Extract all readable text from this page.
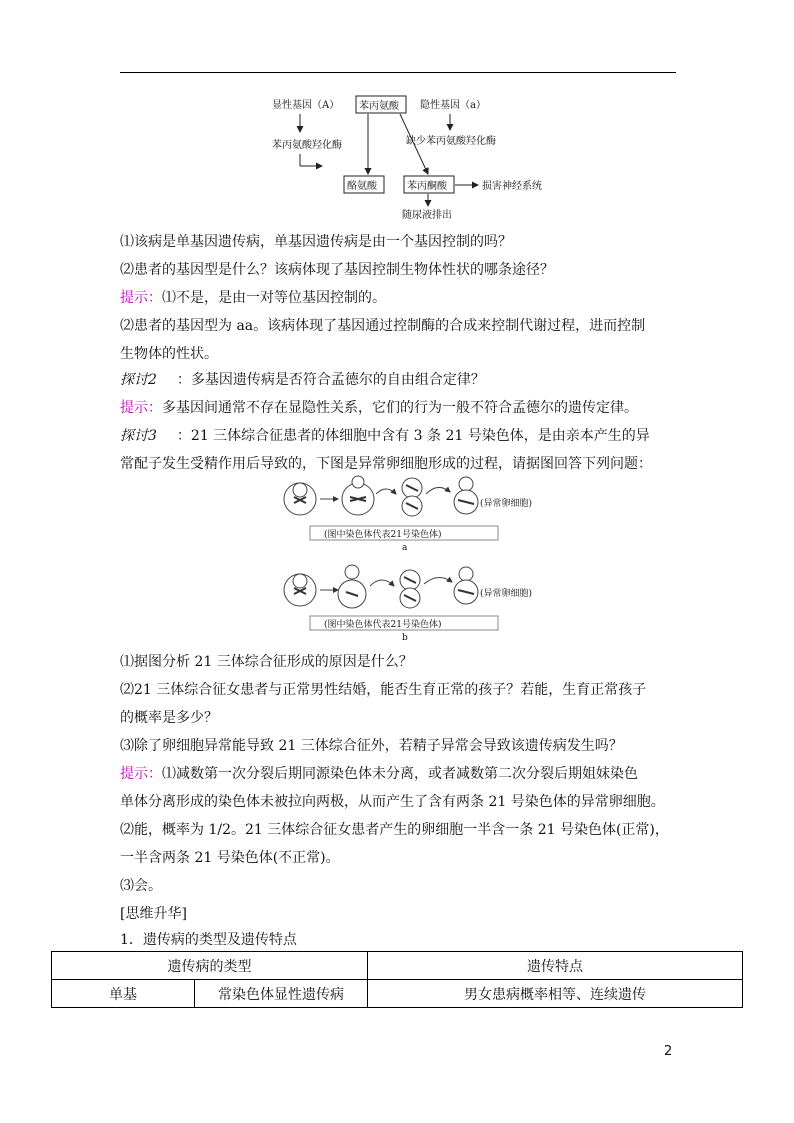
显性基因（A） 苯丙氨酸 隐性基因（a）
苯丙氨酸羟化酶	缺少苯丙氨酸羟化酶
酪氨酸	苯丙酮酸	损害神经系统
随尿液排出
⑴该病是单基因遗传病，单基因遗传病是由一个基因控制的吗？
⑵患者的基因型是什么？该病体现了基因控制生物体性状的哪条途径？
提示：⑴不是，是由一对等位基因控制的。
⑵患者的基因型为 aa。该病体现了基因通过控制酶的合成来控制代谢过程，进而控制
生物体的性状。
探讨2 ：多基因遗传病是否符合孟德尔的自由组合定律？
提示：多基因间通常不存在显隐性关系，它们的行为一般不符合孟德尔的遗传定律。
探讨3 ：21 三体综合征患者的体细胞中含有 3 条 21 号染色体，是由亲本产生的异
常配子发生受精作用后导致的，下图是异常卵细胞形成的过程，请据图回答下列问题：
(异常卵细胞)
(图中染色体代表21号染色体)
a
(异常卵细胞)
(图中染色体代表21号染色体)
b
⑴据图分析 21 三体综合征形成的原因是什么？
⑵21 三体综合征女患者与正常男性结婚，能否生育正常的孩子？若能，生育正常孩子
的概率是多少？
⑶除了卵细胞异常能导致 21 三体综合征外，若精子异常会导致该遗传病发生吗？
提示：⑴减数第一次分裂后期同源染色体未分离，或者减数第二次分裂后期姐妹染色
单体分离形成的染色体未被拉向两极，从而产生了含有两条 21 号染色体的异常卵细胞。
⑵能，概率为 1/2。21 三体综合征女患者产生的卵细胞一半含一条 21 号染色体(正常)，
一半含两条 21 号染色体(不正常)。
⑶会。
[思维升华]
1．遗传病的类型及遗传特点
遗传病的类型		遗传特点
单基	常染色体显性遗传病	男女患病概率相等、连续遗传
2
